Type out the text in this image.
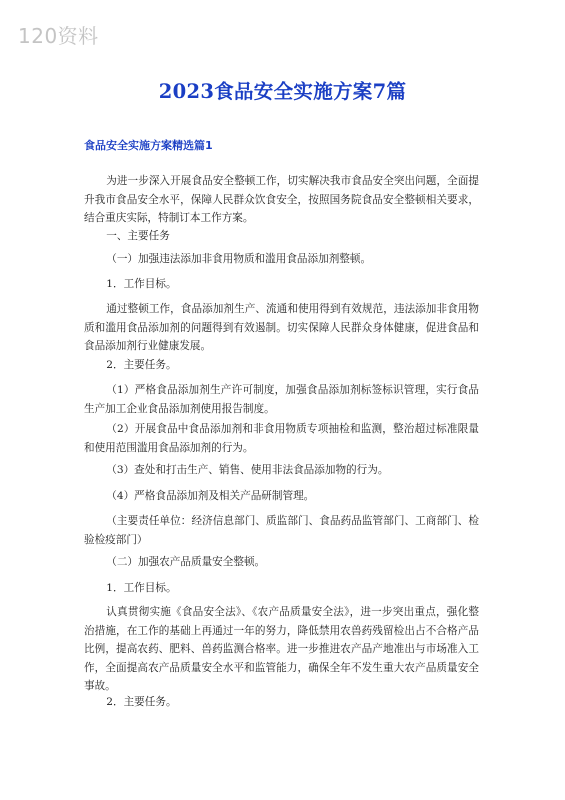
120资料
2023食品安全实施方案7篇
食品安全实施方案精选篇1

为进一步深入开展食品安全整顿工作，切实解决我市食品安全突出问题，全面提升我市食品安全水平，保障人民群众饮食安全，按照国务院食品安全整顿相关要求，结合重庆实际，特制订本工作方案。

一、主要任务

（一）加强违法添加非食用物质和滥用食品添加剂整顿。

1．工作目标。

通过整顿工作，食品添加剂生产、流通和使用得到有效规范，违法添加非食用物质和滥用食品添加剂的问题得到有效遏制。切实保障人民群众身体健康，促进食品和食品添加剂行业健康发展。

2．主要任务。

（1）严格食品添加剂生产许可制度，加强食品添加剂标签标识管理，实行食品生产加工企业食品添加剂使用报告制度。

（2）开展食品中食品添加剂和非食用物质专项抽检和监测，整治超过标准限量和使用范围滥用食品添加剂的行为。

（3）查处和打击生产、销售、使用非法食品添加物的行为。

（4）严格食品添加剂及相关产品研制管理。

（主要责任单位：经济信息部门、质监部门、食品药品监管部门、工商部门、检验检疫部门）

（二）加强农产品质量安全整顿。

1．工作目标。

认真贯彻实施《食品安全法》、《农产品质量安全法》，进一步突出重点，强化整治措施，在工作的基础上再通过一年的努力，降低禁用农兽药残留检出占不合格产品比例，提高农药、肥料、兽药监测合格率。进一步推进农产品产地准出与市场准入工作，全面提高农产品质量安全水平和监管能力，确保全年不发生重大农产品质量安全事故。

2．主要任务。
